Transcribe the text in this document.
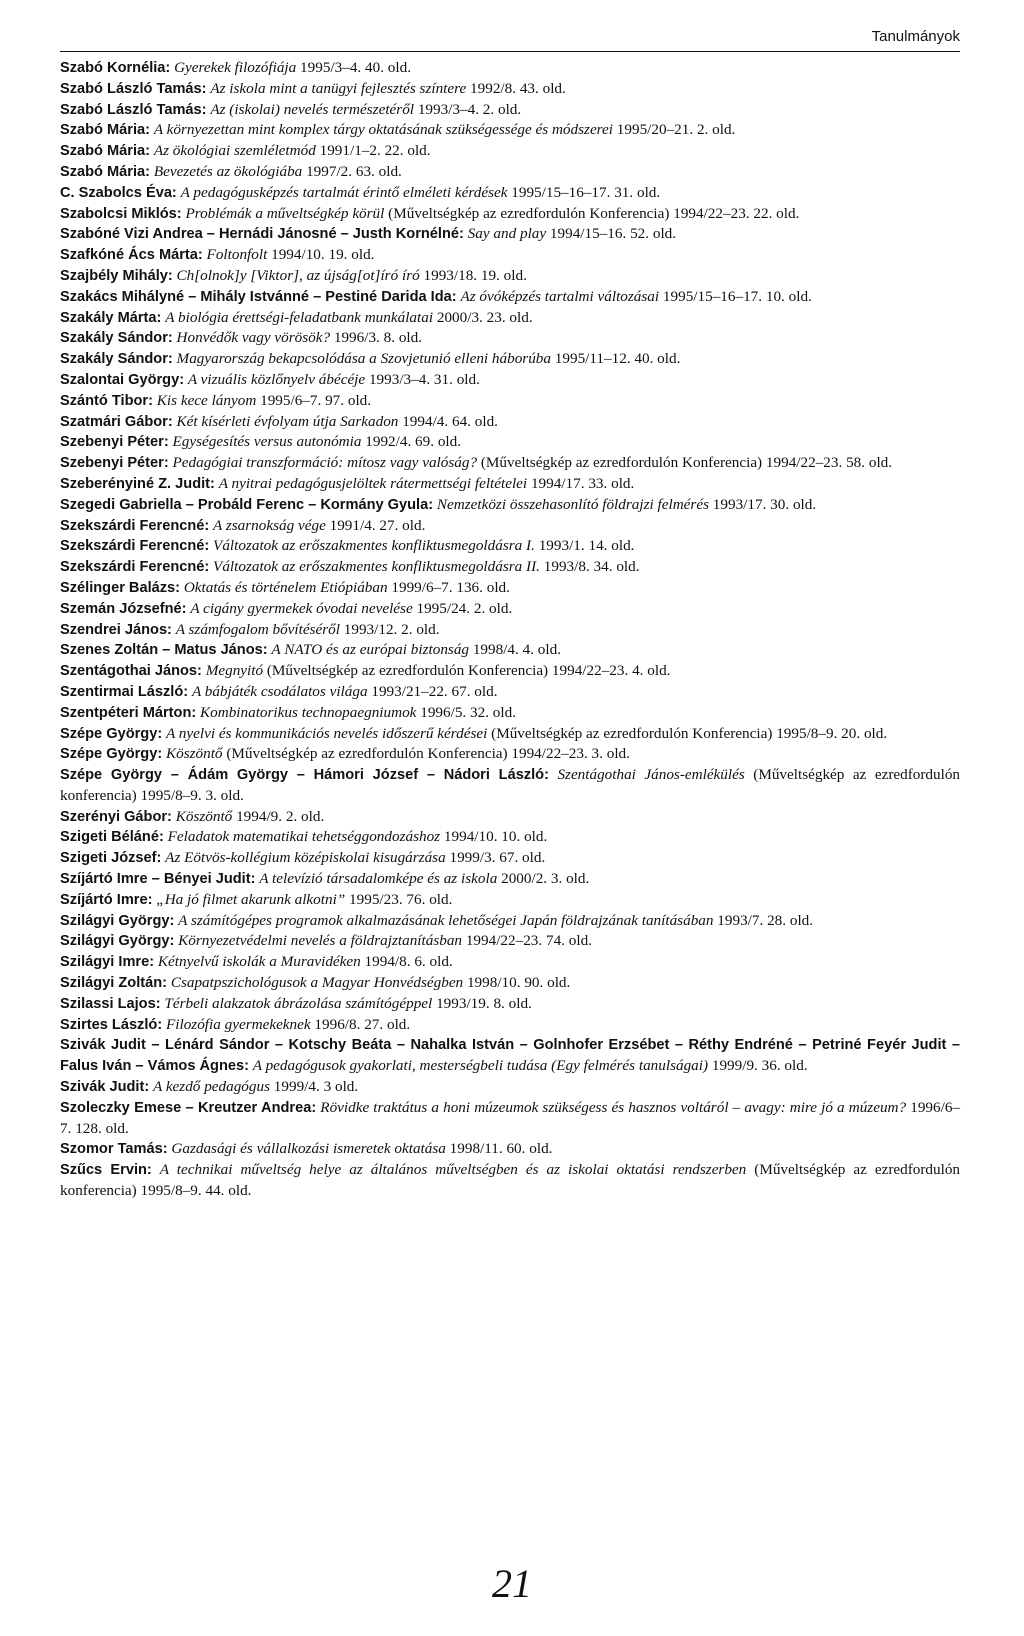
Tanulmányok
Szabó Kornélia: Gyerekek filozófiája 1995/3–4. 40. old.
Szabó László Tamás: Az iskola mint a tanügyi fejlesztés színtere 1992/8. 43. old.
Szabó László Tamás: Az (iskolai) nevelés természetéről 1993/3–4. 2. old.
Szabó Mária: A környezettan mint komplex tárgy oktatásának szükségessége és módszerei 1995/20–21. 2. old.
Szabó Mária: Az ökológiai szemléletmód 1991/1–2. 22. old.
Szabó Mária: Bevezetés az ökológiába 1997/2. 63. old.
C. Szabolcs Éva: A pedagógusképzés tartalmát érintő elméleti kérdések 1995/15–16–17. 31. old.
Szabolcsi Miklós: Problémák a műveltségkép körül (Műveltségkép az ezredfordulón Konferencia) 1994/22–23. 22. old.
Szabóné Vizi Andrea – Hernádi Jánosné – Justh Kornélné: Say and play 1994/15–16. 52. old.
Szafkóné Ács Márta: Foltonfolt 1994/10. 19. old.
Szajbély Mihály: Ch[olnok]y [Viktor], az újság[ot]író író 1993/18. 19. old.
Szakács Mihályné – Mihály Istvánné – Pestiné Darida Ida: Az óvóképzés tartalmi változásai 1995/15–16–17. 10. old.
Szakály Márta: A biológia érettségi-feladatbank munkálatai 2000/3. 23. old.
Szakály Sándor: Honvédők vagy vörösök? 1996/3. 8. old.
Szakály Sándor: Magyarország bekapcsolódása a Szovjetunió elleni háborúba 1995/11–12. 40. old.
Szalontai György: A vizuális közlőnyelv ábécéje 1993/3–4. 31. old.
Szántó Tibor: Kis kece lányom 1995/6–7. 97. old.
Szatmári Gábor: Két kísérleti évfolyam útja Sarkadon 1994/4. 64. old.
Szebenyi Péter: Egységesítés versus autonómia 1992/4. 69. old.
Szebenyi Péter: Pedagógiai transzformáció: mítosz vagy valóság? (Műveltségkép az ezredfordulón Konferencia) 1994/22–23. 58. old.
Szeberényiné Z. Judit: A nyitrai pedagógusjelöltek rátermettségi feltételei 1994/17. 33. old.
Szegedi Gabriella – Probáld Ferenc – Kormány Gyula: Nemzetközi összehasonlító földrajzi felmérés 1993/17. 30. old.
Szekszárdi Ferencné: A zsarnokság vége 1991/4. 27. old.
Szekszárdi Ferencné: Változatok az erőszakmentes konfliktusmegoldásra I. 1993/1. 14. old.
Szekszárdi Ferencné: Változatok az erőszakmentes konfliktusmegoldásra II. 1993/8. 34. old.
Szélinger Balázs: Oktatás és történelem Etiópiában 1999/6–7. 136. old.
Szemán Józsefné: A cigány gyermekek óvodai nevelése 1995/24. 2. old.
Szendrei János: A számfogalom bővítéséről 1993/12. 2. old.
Szenes Zoltán – Matus János: A NATO és az európai biztonság 1998/4. 4. old.
Szentágothai János: Megnyitó (Műveltségkép az ezredfordulón Konferencia) 1994/22–23. 4. old.
Szentirmai László: A bábjáték csodálatos világa 1993/21–22. 67. old.
Szentpéteri Márton: Kombinatorikus technopaegniumok 1996/5. 32. old.
Szépe György: A nyelvi és kommunikációs nevelés időszerű kérdései (Műveltségkép az ezredfordulón Konferencia) 1995/8–9. 20. old.
Szépe György: Köszöntő (Műveltségkép az ezredfordulón Konferencia) 1994/22–23. 3. old.
Szépe György – Ádám György – Hámori József – Nádori László: Szentágothai János-emlékülés (Műveltségkép az ezredfordulón konferencia) 1995/8–9. 3. old.
Szerényi Gábor: Köszöntő 1994/9. 2. old.
Szigeti Béláné: Feladatok matematikai tehetséggondozáshoz 1994/10. 10. old.
Szigeti József: Az Eötvös-kollégium középiskolai kisugárzása 1999/3. 67. old.
Szíjártó Imre – Bényei Judit: A televízió társadalomképe és az iskola 2000/2. 3. old.
Szíjártó Imre: „Ha jó filmet akarunk alkotni” 1995/23. 76. old.
Szilágyi György: A számítógépes programok alkalmazásának lehetőségei Japán földrajzának tanításában 1993/7. 28. old.
Szilágyi György: Környezetvédelmi nevelés a földrajztanításban 1994/22–23. 74. old.
Szilágyi Imre: Kétnyelvű iskolák a Muravidéken 1994/8. 6. old.
Szilágyi Zoltán: Csapatpszichológusok a Magyar Honvédségben 1998/10. 90. old.
Szilassi Lajos: Térbeli alakzatok ábrázolása számítógéppel 1993/19. 8. old.
Szirtes László: Filozófia gyermekeknek 1996/8. 27. old.
Szivák Judit – Lénárd Sándor – Kotschy Beáta – Nahalka István – Golnhofer Erzsébet – Réthy Endréné – Petriné Feyér Judit – Falus Iván – Vámos Ágnes: A pedagógusok gyakorlati, mesterségbeli tudása (Egy felmérés tanulságai) 1999/9. 36. old.
Szivák Judit: A kezdő pedagógus 1999/4. 3 old.
Szoleczky Emese – Kreutzer Andrea: Rövidke traktátus a honi múzeumok szükségess és hasznos voltáról – avagy: mire jó a múzeum? 1996/6–7. 128. old.
Szomor Tamás: Gazdasági és vállalkozási ismeretek oktatása 1998/11. 60. old.
Szűcs Ervin: A technikai műveltség helye az általános műveltségben és az iskolai oktatási rendszerben (Műveltségkép az ezredfordulón konferencia) 1995/8–9. 44. old.
21
